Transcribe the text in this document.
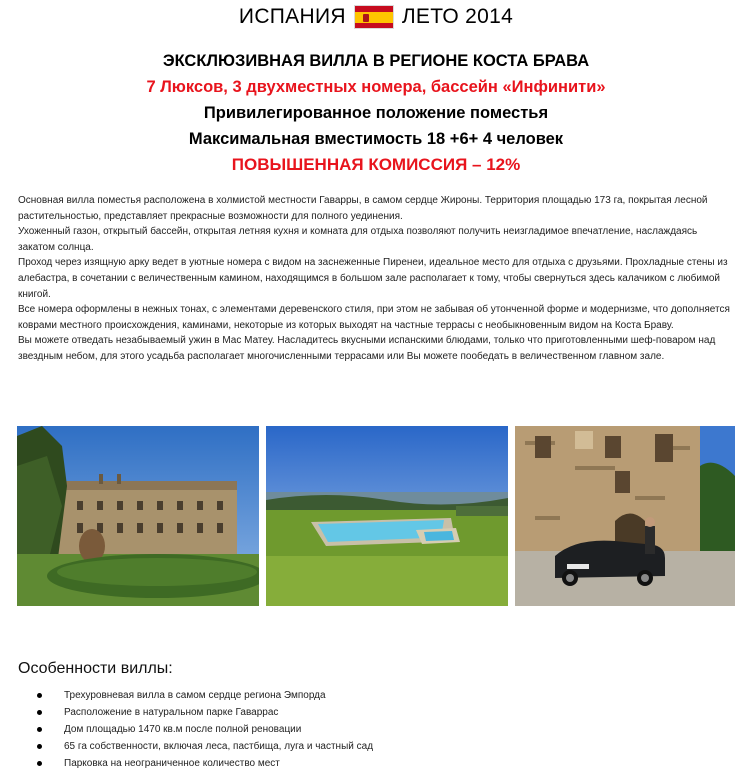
ИСПАНИЯ	ЛЕТО 2014
ЭКСКЛЮЗИВНАЯ ВИЛЛА В РЕГИОНЕ КОСТА БРАВА
7 Люксов, 3 двухместных номера, бассейн «Инфинити»
Привилегированное положение поместья
Максимальная вместимость 18 +6+ 4 человек
ПОВЫШЕННАЯ КОМИССИЯ – 12%

Основная вилла поместья расположена в холмистой местности Гаварры, в самом сердце Жироны. Территория площадью 173 га, покрытая лесной растительностью, представляет прекрасные возможности для полного уединения.

Ухоженный газон, открытый бассейн, открытая летняя кухня и комната для отдыха позволяют получить неизгладимое впечатление, наслаждаясь закатом солнца.

Проход через изящную арку ведет в уютные номера с видом на заснеженные Пиренеи, идеальное место для отдыха с друзьями. Прохладные стены из алебастра, в сочетании с величественным камином, находящимся в большом зале располагает к тому, чтобы свернуться здесь калачиком с любимой книгой.

Все номера оформлены в нежных тонах, с элементами деревенского стиля, при этом не забывая об утонченной форме и модернизме, что дополняется коврами местного происхождения, каминами, некоторые из которых выходят на частные террасы с необыкновенным видом на Коста Браву.

Вы можете отведать незабываемый ужин в Мас Матеу. Насладитесь вкусными испанскими блюдами, только что приготовленными шеф-поваром над звездным небом, для этого усадьба располагает многочисленными террасами или Вы можете пообедать в величественном главном зале.

Особенности виллы:
Трехуровневая вилла в самом сердце региона Эмпорда
Расположение в натуральном парке Гаваррас
Дом площадью 1470 кв.м после полной реновации
65 га собственности, включая леса, пастбища, луга и частный сад
Парковка на неограниченное количество мест
